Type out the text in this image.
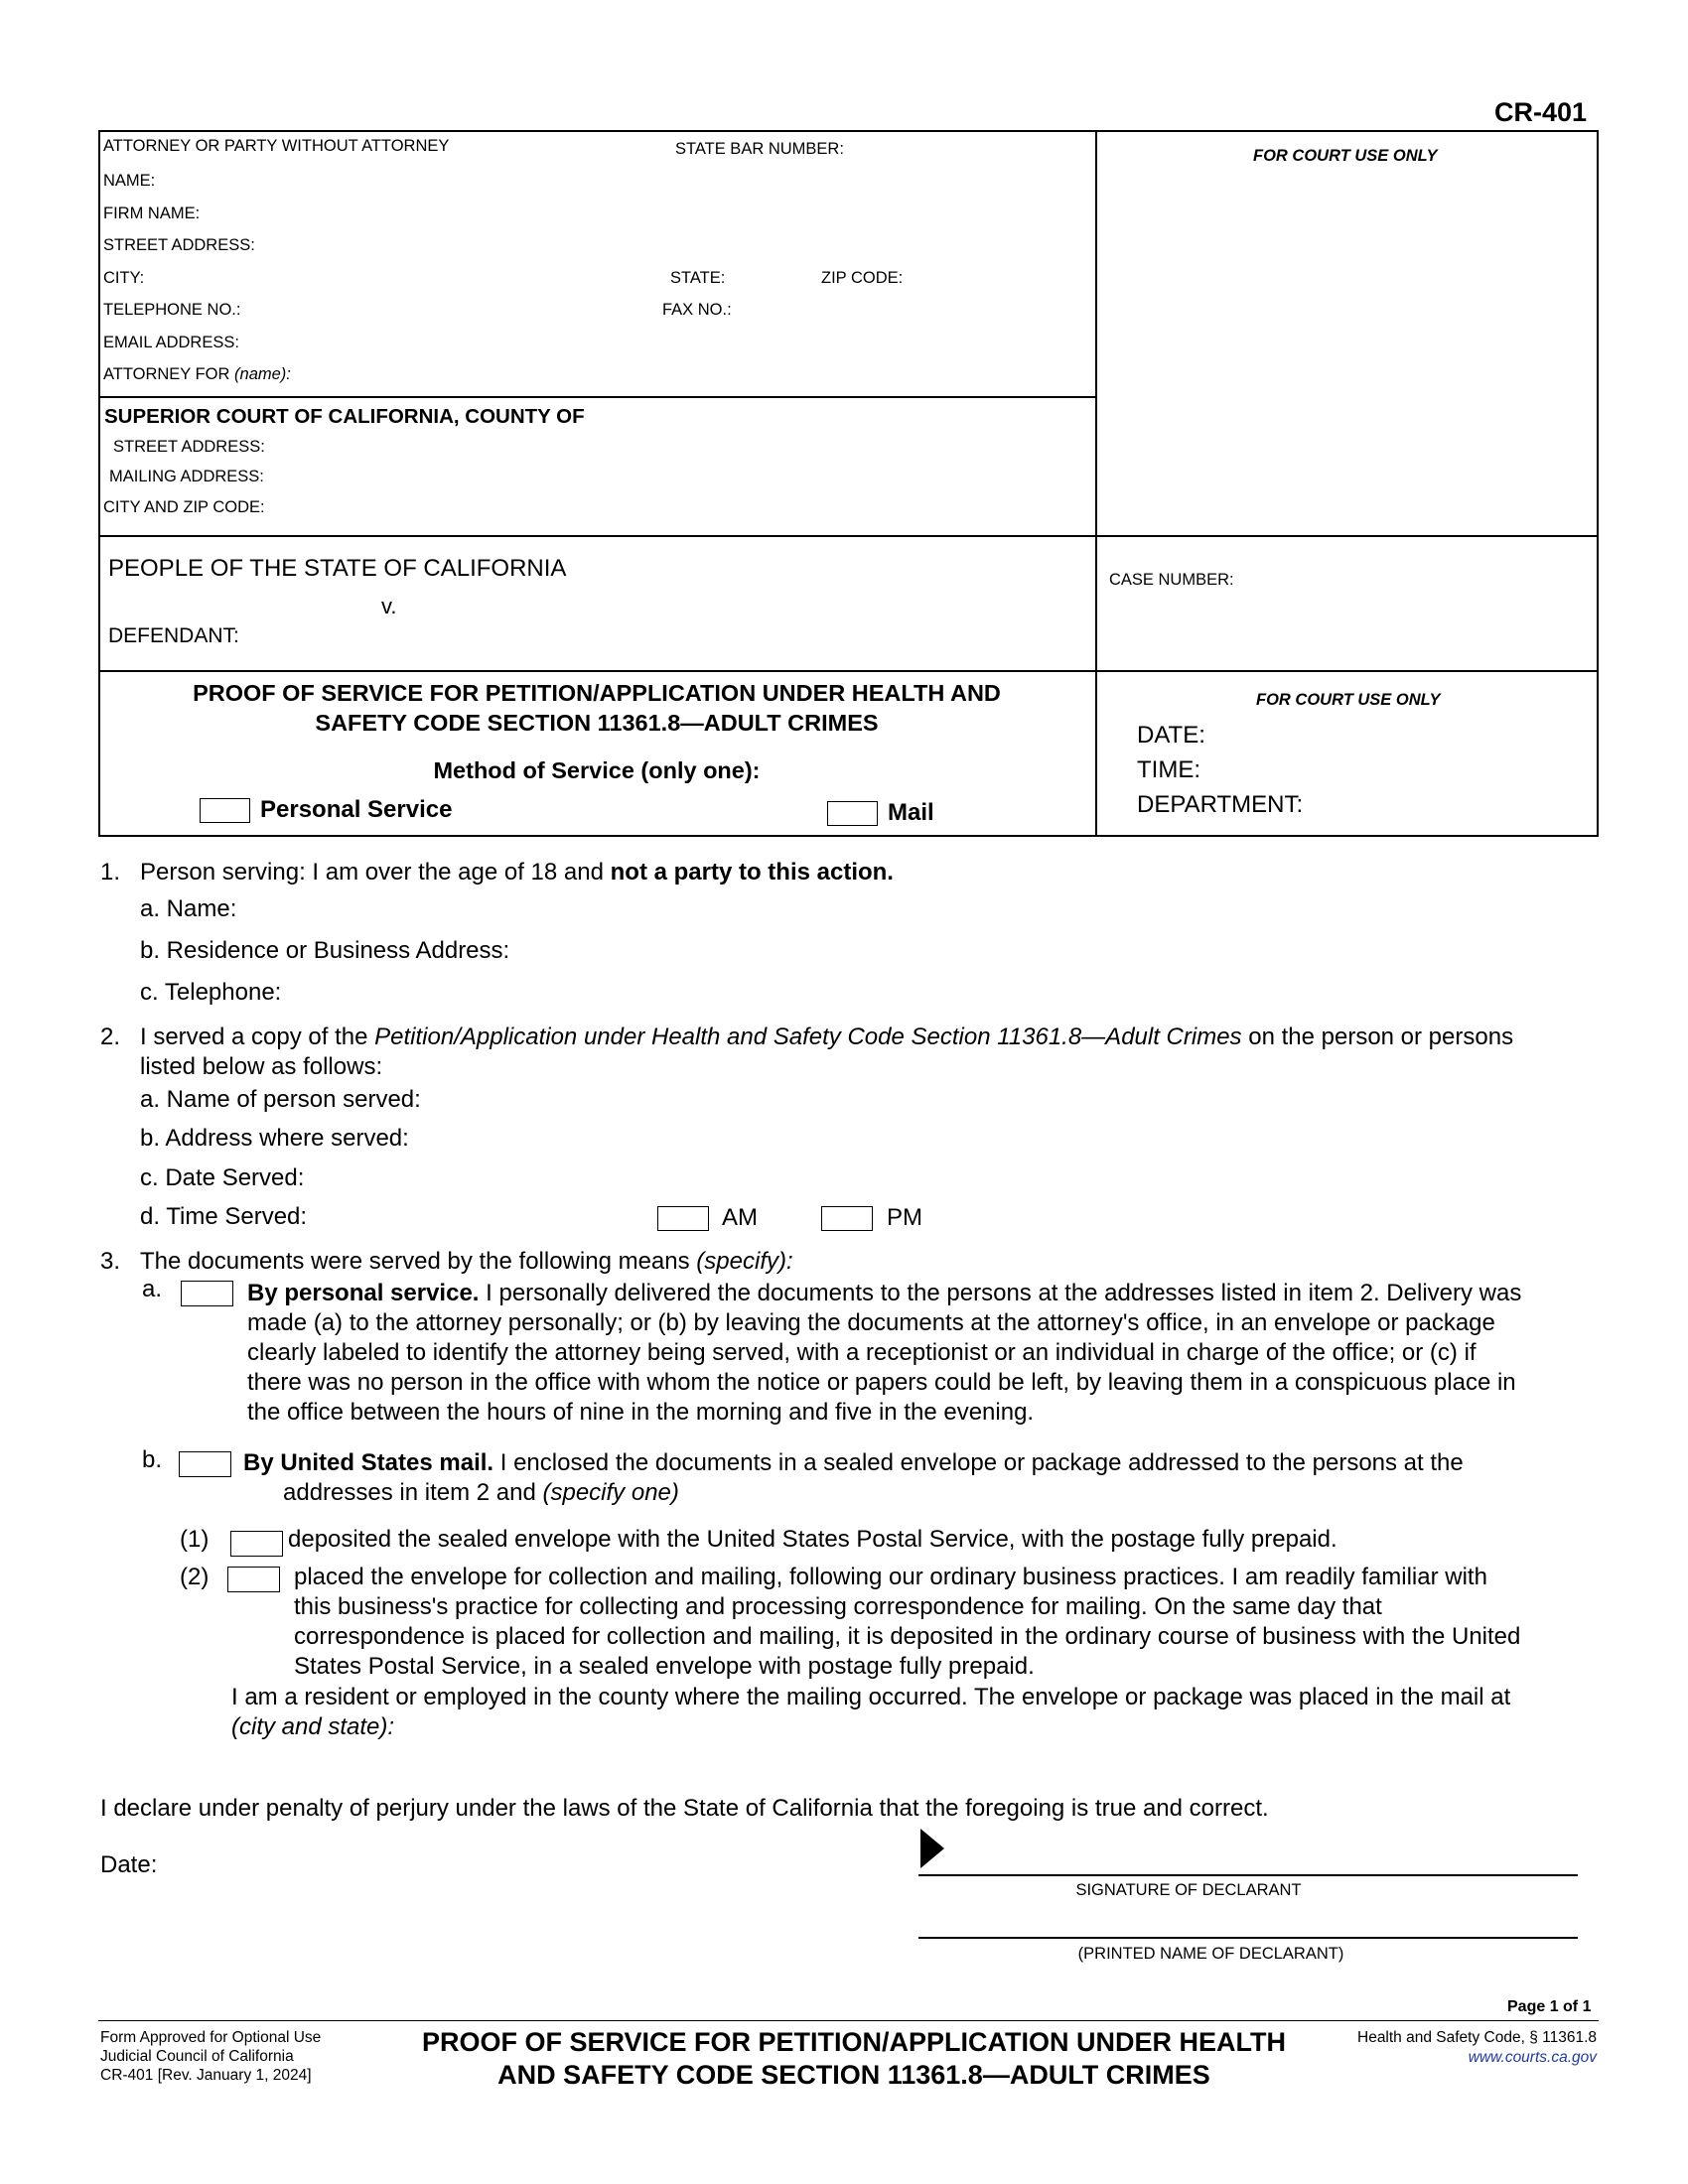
CR-401
ATTORNEY OR PARTY WITHOUT ATTORNEY	STATE BAR NUMBER:
NAME:
FIRM NAME:
STREET ADDRESS:
CITY:	STATE:	ZIP CODE:
TELEPHONE NO.:	FAX NO.:
EMAIL ADDRESS:
ATTORNEY FOR (name):
FOR COURT USE ONLY
SUPERIOR COURT OF CALIFORNIA, COUNTY OF
STREET ADDRESS:
MAILING ADDRESS:
CITY AND ZIP CODE:
PEOPLE OF THE STATE OF CALIFORNIA
v.
DEFENDANT:
CASE NUMBER:
PROOF OF SERVICE FOR PETITION/APPLICATION UNDER HEALTH AND
SAFETY CODE SECTION 11361.8—ADULT CRIMES
Method of Service (only one):
Personal Service	Mail
FOR COURT USE ONLY
DATE:
TIME:
DEPARTMENT:
1. Person serving: I am over the age of 18 and not a party to this action.
a. Name:
b. Residence or Business Address:
c. Telephone:
2. I served a copy of the Petition/Application under Health and Safety Code Section 11361.8—Adult Crimes on the person or persons
listed below as follows:
a. Name of person served:
b. Address where served:
c. Date Served:
d. Time Served:	AM	PM
3. The documents were served by the following means (specify):
a.	By personal service. I personally delivered the documents to the persons at the addresses listed in item 2. Delivery was
made (a) to the attorney personally; or (b) by leaving the documents at the attorney's office, in an envelope or package
clearly labeled to identify the attorney being served, with a receptionist or an individual in charge of the office; or (c) if
there was no person in the office with whom the notice or papers could be left, by leaving them in a conspicuous place in
the office between the hours of nine in the morning and five in the evening.
b.	By United States mail. I enclosed the documents in a sealed envelope or package addressed to the persons at the
addresses in item 2 and (specify one)
(1)	deposited the sealed envelope with the United States Postal Service, with the postage fully prepaid.
(2)	placed the envelope for collection and mailing, following our ordinary business practices. I am readily familiar with
this business's practice for collecting and processing correspondence for mailing. On the same day that
correspondence is placed for collection and mailing, it is deposited in the ordinary course of business with the United
States Postal Service, in a sealed envelope with postage fully prepaid.
I am a resident or employed in the county where the mailing occurred. The envelope or package was placed in the mail at
(city and state):
I declare under penalty of perjury under the laws of the State of California that the foregoing is true and correct.
Date:
SIGNATURE OF DECLARANT
(PRINTED NAME OF DECLARANT)
Page 1 of 1
Form Approved for Optional Use
Judicial Council of California
CR-401 [Rev. January 1, 2024]
PROOF OF SERVICE FOR PETITION/APPLICATION UNDER HEALTH
AND SAFETY CODE SECTION 11361.8—ADULT CRIMES
Health and Safety Code, § 11361.8
www.courts.ca.gov
